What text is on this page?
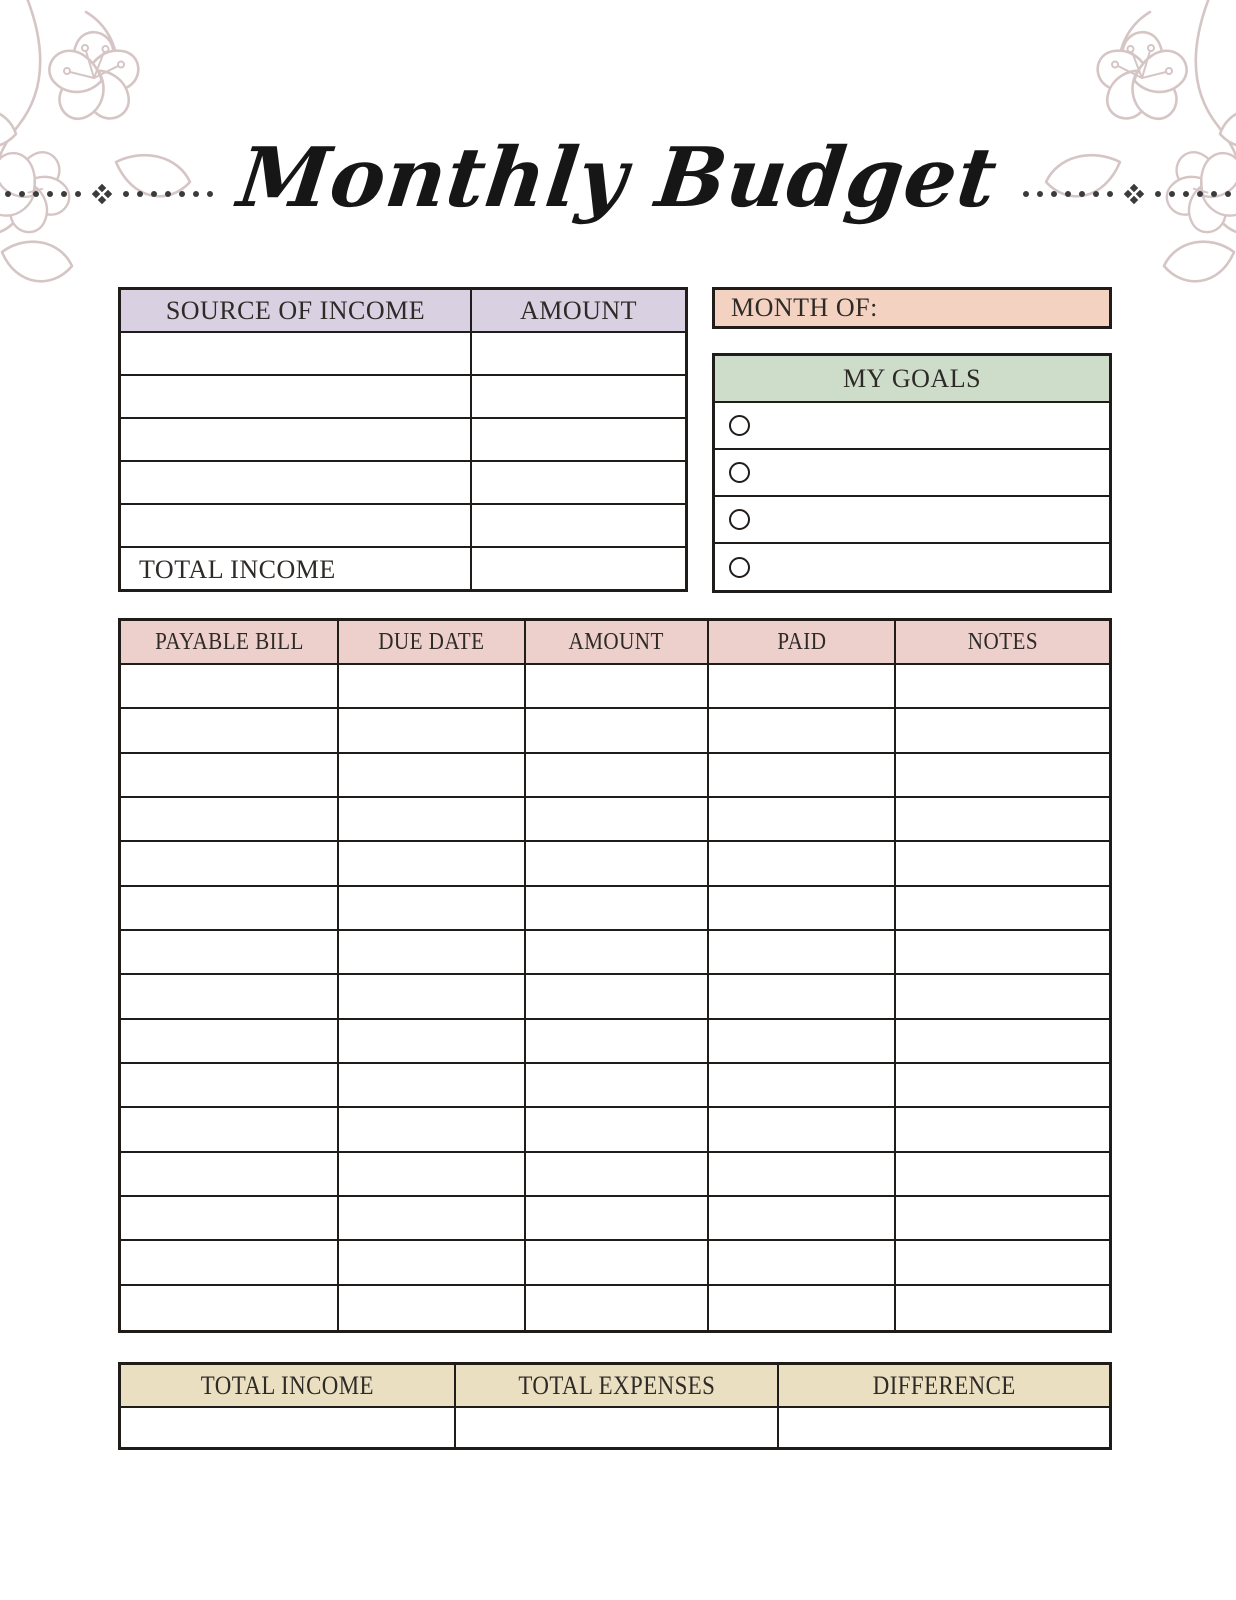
Monthly Budget
SOURCE OF INCOME	AMOUNT
TOTAL INCOME
MONTH OF:
MY GOALS
PAYABLE BILL	DUE DATE	AMOUNT	PAID	NOTES
TOTAL INCOME	TOTAL EXPENSES	DIFFERENCE
